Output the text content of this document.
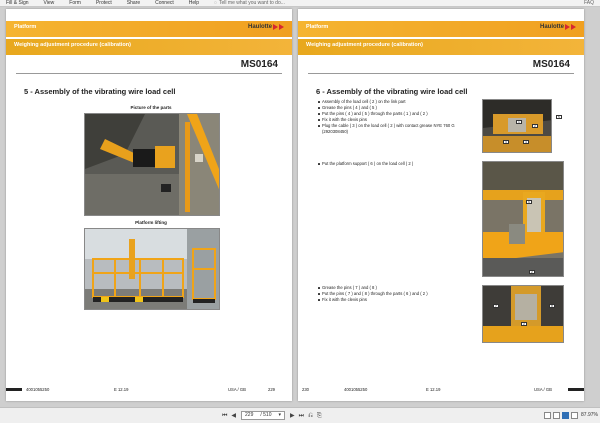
Fill & Sign	View	Form	Protect	Share	Connect	Help	◌ Tell me what you want to do...	FAQ
Platform	Haulotte
Weighing adjustment procedure (calibration)
MS0164
5 - Assembly of the vibrating wire load cell
Picture of the parts
Platform lifting
4001055250	E 12.19	USA / GB	229
Platform	Haulotte
Weighing adjustment procedure (calibration)
MS0164
6 - Assembly of the vibrating wire load cell
Assembly of the load cell ( 2 ) on the link part
Grease the pins ( 4 ) and ( 5 )
Put the pins ( 4 ) and ( 5 ) through the parts ( 1 ) and ( 2 )
Fix it with the clevis pins
Plug the cable ( 3 ) on the load cell ( 2 ) with contact grease NYE 760 G (2920308450)
1
2
3	4
5
Put the platform support ( 6 ) on the load cell ( 2 )
6
2
Grease the pins ( 7 ) and ( 8 )
Put the pins ( 7 ) and ( 8 ) through the parts ( 6 ) and ( 2 )
Fix it with the clevis pins
7	8
2
230	4001055250	E 12.19	USA / GB
⏮ ◀ 229 / 510 ▾ ▶ ⏭ ⎌ ⎘	87.97%
